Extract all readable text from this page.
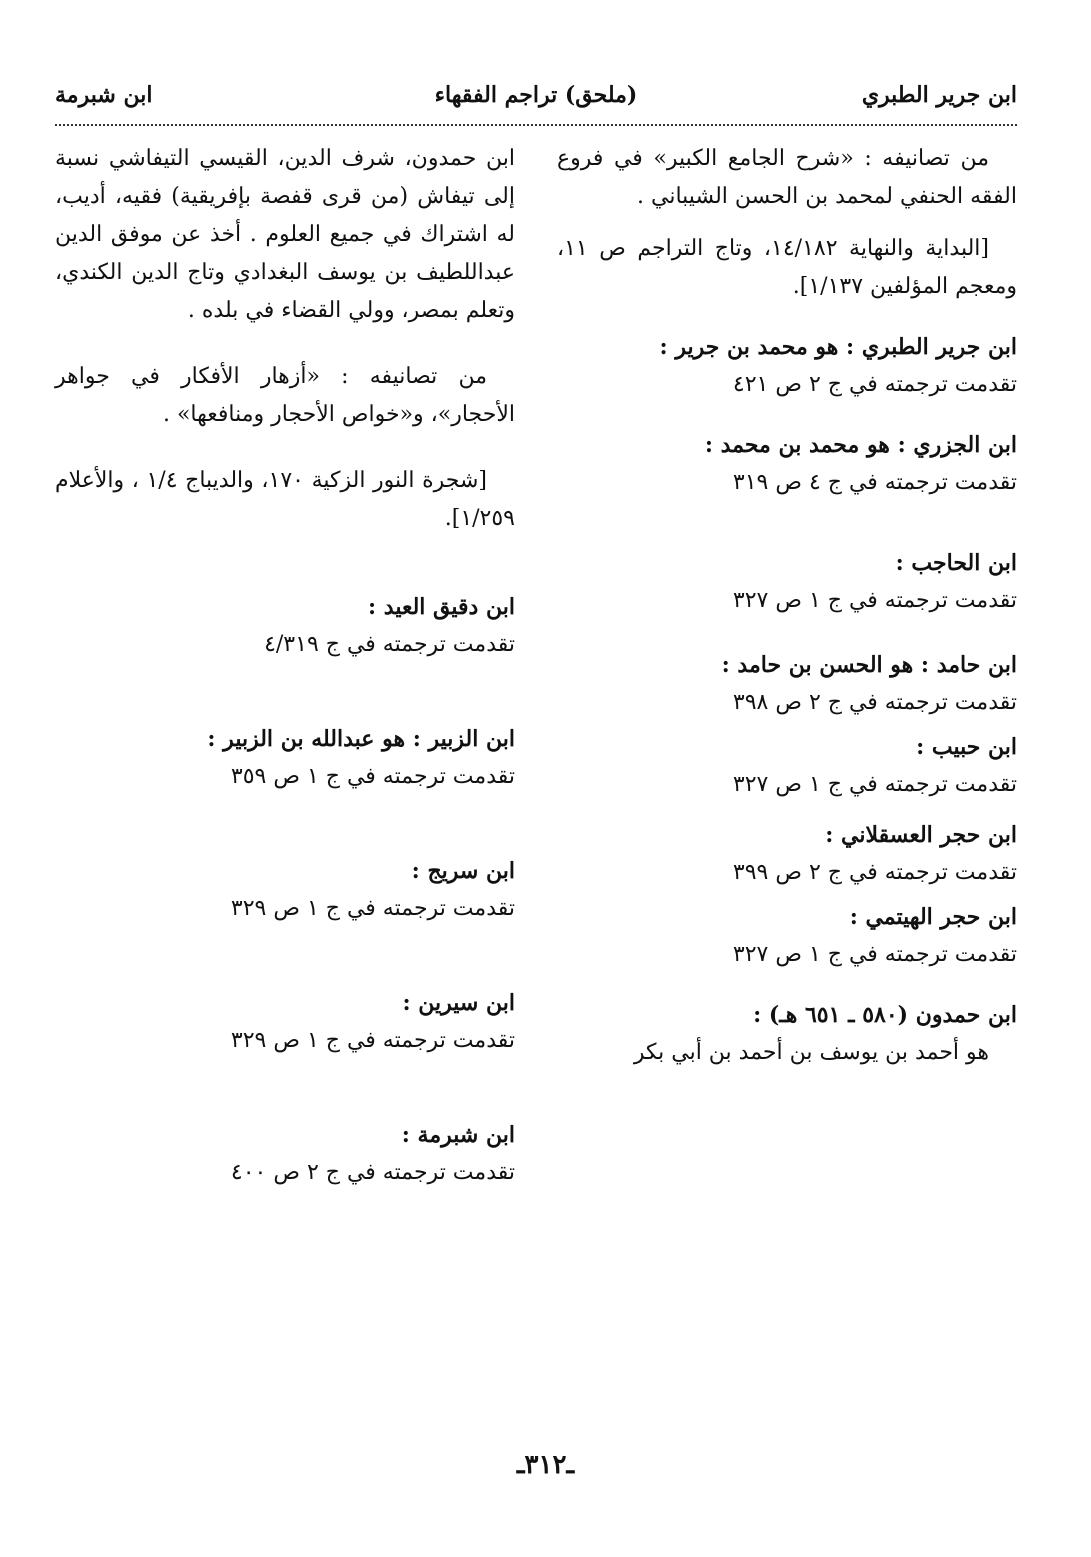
ابن جرير الطبري
(ملحق) تراجم الفقهاء
ابن شبرمة

من تصانيفه : «شرح الجامع الكبير» في فروع الفقه الحنفي لمحمد بن الحسن الشيباني .

[البداية والنهاية ١٤/١٨٢، وتاج التراجم ص ١١، ومعجم المؤلفين ١/١٣٧].

ابن جرير الطبري : هو محمد بن جرير :
تقدمت ترجمته في ج ٢ ص ٤٢١
ابن الجزري : هو محمد بن محمد :
تقدمت ترجمته في ج ٤ ص ٣١٩
ابن الحاجب :
تقدمت ترجمته في ج ١ ص ٣٢٧
ابن حامد : هو الحسن بن حامد :
تقدمت ترجمته في ج ٢ ص ٣٩٨
ابن حبيب :
تقدمت ترجمته في ج ١ ص ٣٢٧
ابن حجر العسقلاني :
تقدمت ترجمته في ج ٢ ص ٣٩٩
ابن حجر الهيتمي :
تقدمت ترجمته في ج ١ ص ٣٢٧
ابن حمدون (٥٨٠ ـ ٦٥١ هـ) :
هو أحمد بن يوسف بن أحمد بن أبي بكر

ابن حمدون، شرف الدين، القيسي التيفاشي نسبة إلى تيفاش (من قرى قفصة بإفريقية) فقيه، أديب، له اشتراك في جميع العلوم . أخذ عن موفق الدين عبداللطيف بن يوسف البغدادي وتاج الدين الكندي، وتعلم بمصر، وولي القضاء في بلده .

من تصانيفه : «أزهار الأفكار في جواهر الأحجار»، و«خواص الأحجار ومنافعها» .

[شجرة النور الزكية ١٧٠، والديباج ١/٤ ، والأعلام ١/٢٥٩].

ابن دقيق العيد :
تقدمت ترجمته في ج ٤/٣١٩
ابن الزبير : هو عبدالله بن الزبير :
تقدمت ترجمته في ج ١ ص ٣٥٩
ابن سريج :
تقدمت ترجمته في ج ١ ص ٣٢٩
ابن سيرين :
تقدمت ترجمته في ج ١ ص ٣٢٩
ابن شبرمة :
تقدمت ترجمته في ج ٢ ص ٤٠٠
ـ٣١٢ـ
